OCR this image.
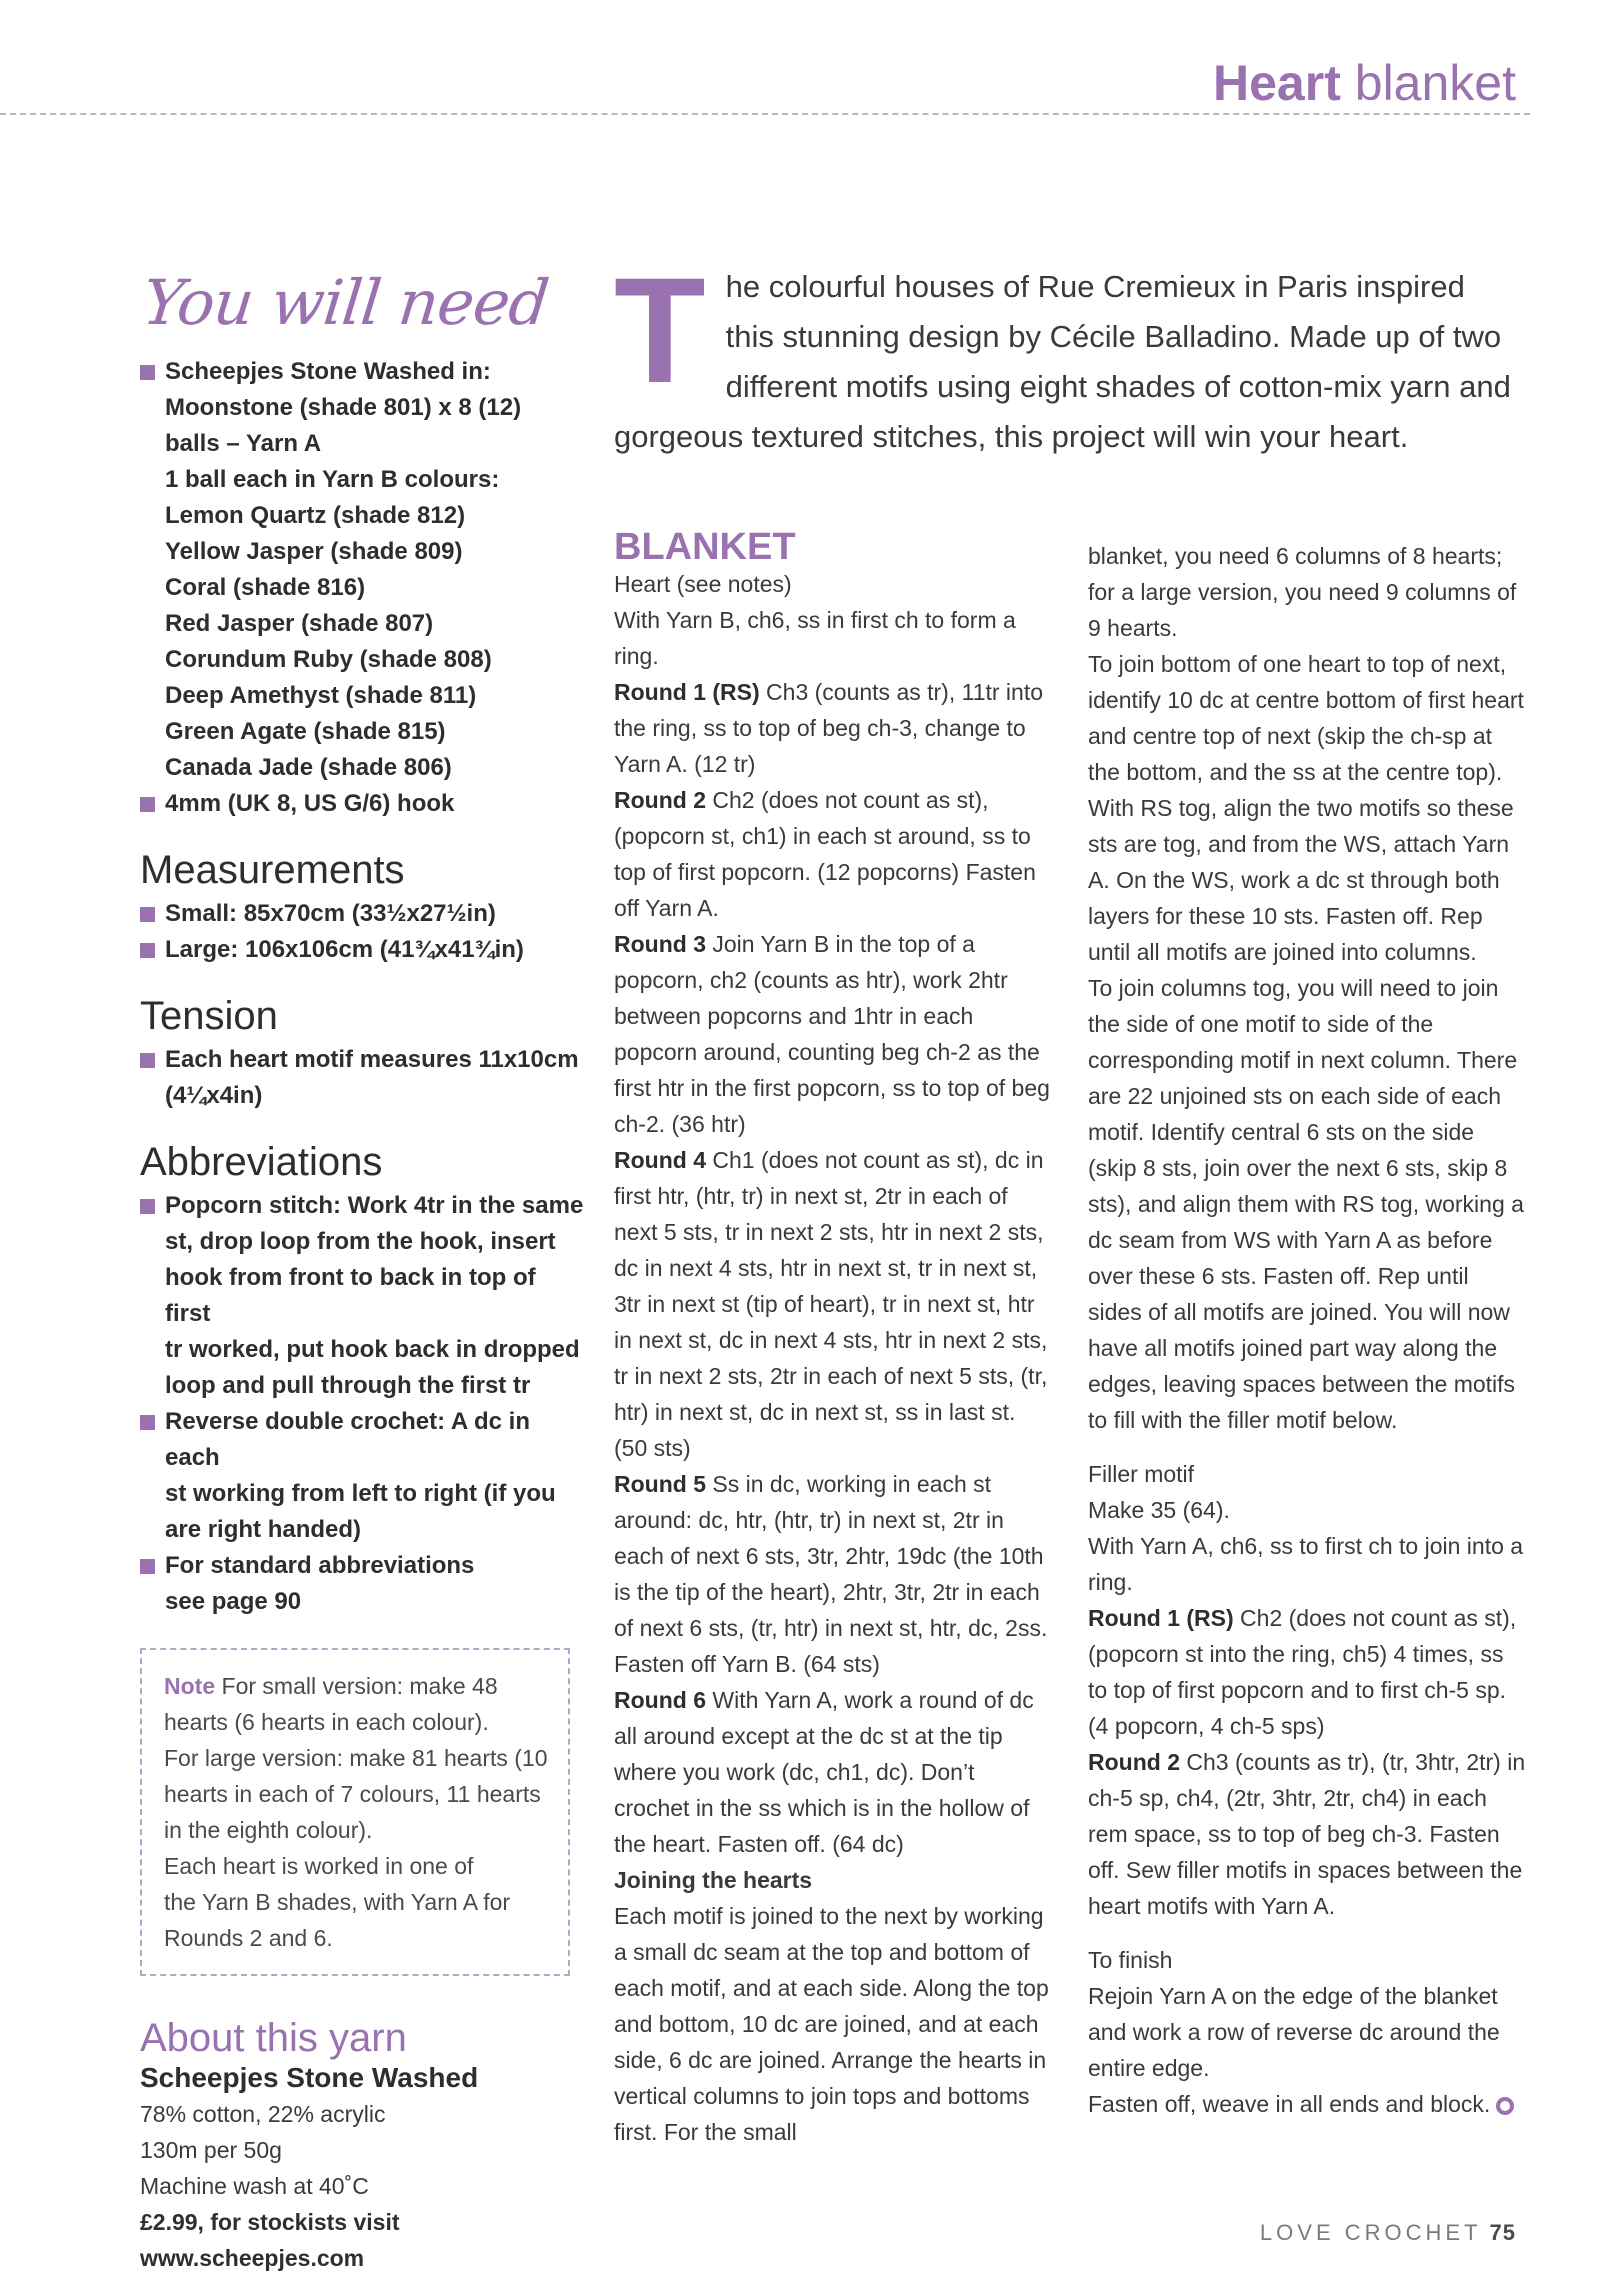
Heart blanket
You will need
Scheepjes Stone Washed in:
Moonstone (shade 801) x 8 (12)
balls – Yarn A
1 ball each in Yarn B colours:
Lemon Quartz (shade 812)
Yellow Jasper (shade 809)
Coral (shade 816)
Red Jasper (shade 807)
Corundum Ruby (shade 808)
Deep Amethyst (shade 811)
Green Agate (shade 815)
Canada Jade (shade 806)
4mm (UK 8, US G/6) hook
Measurements
Small: 85x70cm (33½x27½in)
Large: 106x106cm (41¾x41¾in)
Tension
Each heart motif measures 11x10cm
(4¼x4in)
Abbreviations
Popcorn stitch: Work 4tr in the same
st, drop loop from the hook, insert
hook from front to back in top of first
tr worked, put hook back in dropped
loop and pull through the first tr
Reverse double crochet: A dc in each
st working from left to right (if you
are right handed)
For standard abbreviations
see page 90

Note For small version: make 48

hearts (6 hearts in each colour).

For large version: make 81 hearts (10

hearts in each of 7 colours, 11 hearts

in the eighth colour).

Each heart is worked in one of

the Yarn B shades, with Yarn A for

Rounds 2 and 6.

About this yarn

Scheepjes Stone Washed

78% cotton, 22% acrylic

130m per 50g

Machine wash at 40˚C

£2.99, for stockists visit

www.scheepjes.com

The colourful houses of Rue Cremieux in Paris inspired this stunning design by Cécile Balladino. Made up of two different motifs using eight shades of cotton-mix yarn and gorgeous textured stitches, this project will win your heart.

BLANKET

Heart (see notes)

With Yarn B, ch6, ss in first ch to form a ring.

Round 1 (RS) Ch3 (counts as tr), 11tr into the ring, ss to top of beg ch-3, change to Yarn A. (12 tr)

Round 2 Ch2 (does not count as st), (popcorn st, ch1) in each st around, ss to top of first popcorn. (12 popcorns) Fasten off Yarn A.

Round 3 Join Yarn B in the top of a popcorn, ch2 (counts as htr), work 2htr between popcorns and 1htr in each popcorn around, counting beg ch-2 as the first htr in the first popcorn, ss to top of beg ch-2. (36 htr)

Round 4 Ch1 (does not count as st), dc in first htr, (htr, tr) in next st, 2tr in each of next 5 sts, tr in next 2 sts, htr in next 2 sts, dc in next 4 sts, htr in next st, tr in next st, 3tr in next st (tip of heart), tr in next st, htr in next st, dc in next 4 sts, htr in next 2 sts, tr in next 2 sts, 2tr in each of next 5 sts, (tr, htr) in next st, dc in next st, ss in last st. (50 sts)

Round 5 Ss in dc, working in each st around: dc, htr, (htr, tr) in next st, 2tr in each of next 6 sts, 3tr, 2htr, 19dc (the 10th is the tip of the heart), 2htr, 3tr, 2tr in each of next 6 sts, (tr, htr) in next st, htr, dc, 2ss. Fasten off Yarn B. (64 sts)

Round 6 With Yarn A, work a round of dc all around except at the dc st at the tip where you work (dc, ch1, dc). Don’t crochet in the ss which is in the hollow of the heart. Fasten off. (64 dc)

Joining the hearts

Each motif is joined to the next by working a small dc seam at the top and bottom of each motif, and at each side. Along the top and bottom, 10 dc are joined, and at each side, 6 dc are joined. Arrange the hearts in vertical columns to join tops and bottoms first. For the small

blanket, you need 6 columns of 8 hearts; for a large version, you need 9 columns of 9 hearts.

To join bottom of one heart to top of next, identify 10 dc at centre bottom of first heart and centre top of next (skip the ch-sp at the bottom, and the ss at the centre top). With RS tog, align the two motifs so these sts are tog, and from the WS, attach Yarn A. On the WS, work a dc st through both layers for these 10 sts. Fasten off. Rep until all motifs are joined into columns.

To join columns tog, you will need to join the side of one motif to side of the corresponding motif in next column. There are 22 unjoined sts on each side of each motif. Identify central 6 sts on the side (skip 8 sts, join over the next 6 sts, skip 8 sts), and align them with RS tog, working a dc seam from WS with Yarn A as before over these 6 sts. Fasten off. Rep until sides of all motifs are joined. You will now have all motifs joined part way along the edges, leaving spaces between the motifs to fill with the filler motif below.

Filler motif

Make 35 (64).

With Yarn A, ch6, ss to first ch to join into a ring.

Round 1 (RS) Ch2 (does not count as st), (popcorn st into the ring, ch5) 4 times, ss to top of first popcorn and to first ch-5 sp. (4 popcorn, 4 ch-5 sps)

Round 2 Ch3 (counts as tr), (tr, 3htr, 2tr) in ch-5 sp, ch4, (2tr, 3htr, 2tr, ch4) in each rem space, ss to top of beg ch-3. Fasten off. Sew filler motifs in spaces between the heart motifs with Yarn A.

To finish

Rejoin Yarn A on the edge of the blanket and work a row of reverse dc around the entire edge.

Fasten off, weave in all ends and block.

LOVE CROCHET 75
